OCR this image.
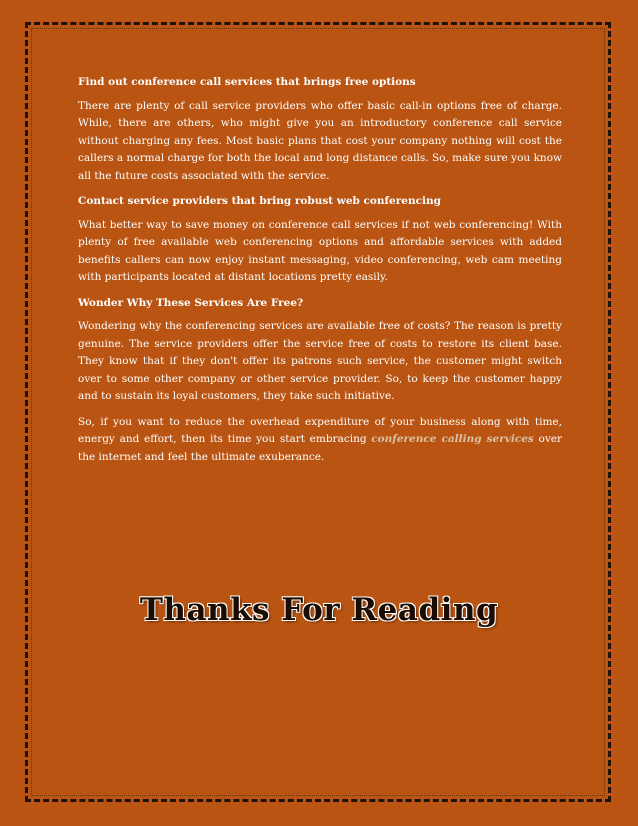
Find out conference call services that brings free options

There are plenty of call service providers who offer basic call-in options free of charge. While, there are others, who might give you an introductory conference call service without charging any fees. Most basic plans that cost your company nothing will cost the callers a normal charge for both the local and long distance calls. So, make sure you know all the future costs associated with the service.

Contact service providers that bring robust web conferencing

What better way to save money on conference call services if not web conferencing! With plenty of free available web conferencing options and affordable services with added benefits callers can now enjoy instant messaging, video conferencing, web cam meeting with participants located at distant locations pretty easily.

Wonder Why These Services Are Free?

Wondering why the conferencing services are available free of costs? The reason is pretty genuine. The service providers offer the service free of costs to restore its client base. They know that if they don't offer its patrons such service, the customer might switch over to some other company or other service provider. So, to keep the customer happy and to sustain its loyal customers, they take such initiative.

So, if you want to reduce the overhead expenditure of your business along with time, energy and effort, then its time you start embracing conference calling services over the internet and feel the ultimate exuberance.

Thanks For Reading
